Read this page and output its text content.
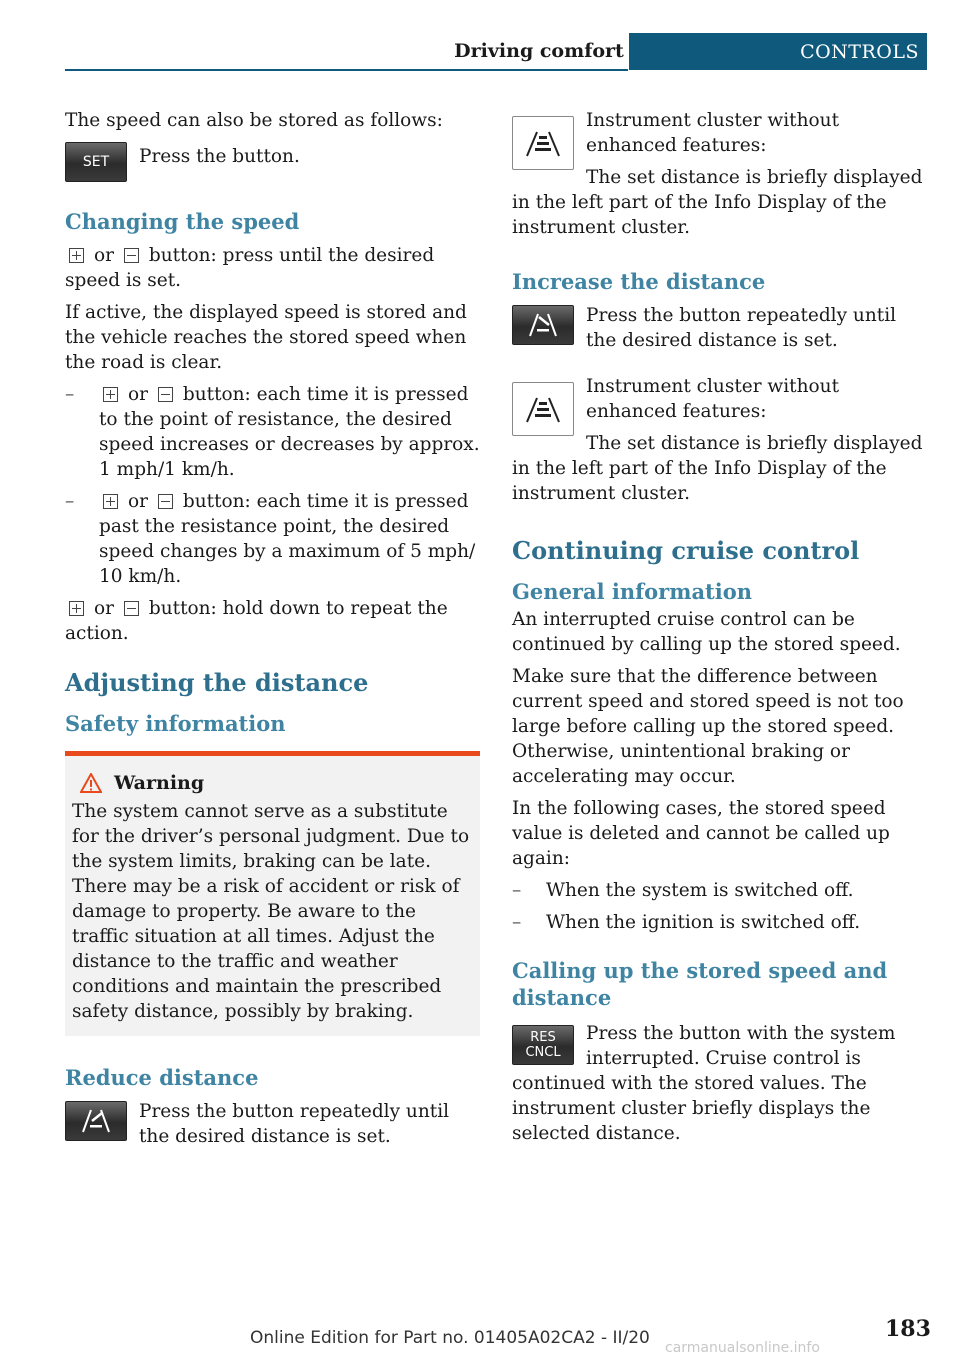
Driving comfort	CONTROLS

The speed can also be stored as follows:

SET	Press the button.

Changing the speed

or button: press until the desired speed is set.

If active, the displayed speed is stored and the vehicle reaches the stored speed when the road is clear.

–	or button: each time it is pressed to the point of resistance, the desired speed increases or decreases by approx. 1 mph/1 km/h.
–	or button: each time it is pressed past the resistance point, the desired speed changes by a maximum of 5 mph/ 10 km/h.

or button: hold down to repeat the action.

Adjusting the distance
Safety information
Warning

The system cannot serve as a substitute for the driver’s personal judgment. Due to the system limits, braking can be late. There may be a risk of accident or risk of damage to property. Be aware to the traffic situation at all times. Adjust the distance to the traffic and weather conditions and maintain the prescribed safety distance, possibly by braking.

Reduce distance

Press the button repeatedly until the desired distance is set.

Instrument cluster without enhanced features:

The set distance is briefly displayed in the left part of the Info Display of the instrument cluster.

Increase the distance

Press the button repeatedly until the desired distance is set.

Instrument cluster without enhanced features:

The set distance is briefly displayed in the left part of the Info Display of the instrument cluster.

Continuing cruise control
General information

An interrupted cruise control can be continued by calling up the stored speed.

Make sure that the difference between current speed and stored speed is not too large before calling up the stored speed. Otherwise, unintentional braking or accelerating may occur.

In the following cases, the stored speed value is deleted and cannot be called up again:

– When the system is switched off.
– When the ignition is switched off.
Calling up the stored speed and distance
RES
CNCL

Press the button with the system interrupted. Cruise control is continued with the stored values. The instrument cluster briefly displays the selected distance.

183
Online Edition for Part no. 01405A02CA2 - II/20 carmanualsonline.info
